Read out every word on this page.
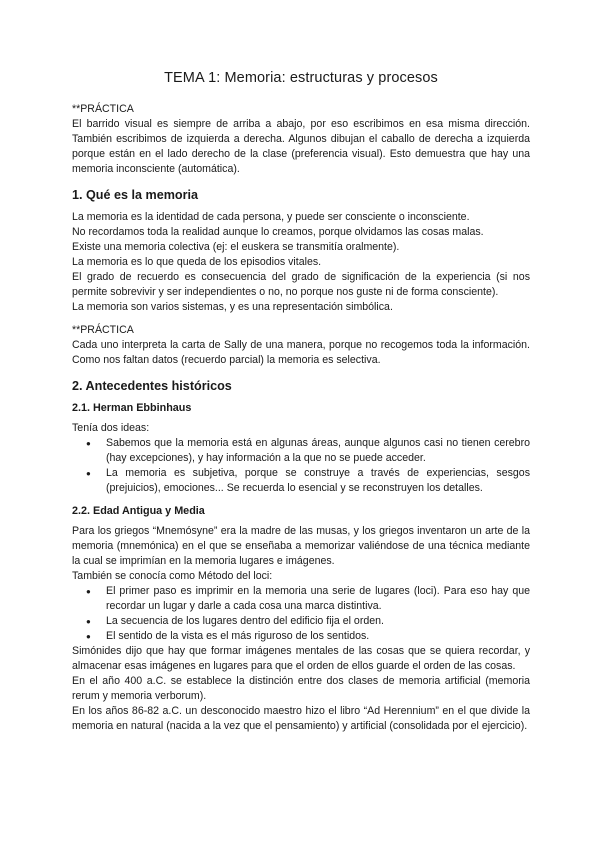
TEMA 1: Memoria: estructuras y procesos

**PRÁCTICA

El barrido visual es siempre de arriba a abajo, por eso escribimos en esa misma dirección. También escribimos de izquierda a derecha. Algunos dibujan el caballo de derecha a izquierda porque están en el lado derecho de la clase (preferencia visual). Esto demuestra que hay una memoria inconsciente (automática).

1. Qué es la memoria

La memoria es la identidad de cada persona, y puede ser consciente o inconsciente.

No recordamos toda la realidad aunque lo creamos, porque olvidamos las cosas malas.

Existe una memoria colectiva (ej: el euskera se transmitía oralmente).

La memoria es lo que queda de los episodios vitales.

El grado de recuerdo es consecuencia del grado de significación de la experiencia (si nos permite sobrevivir y ser independientes o no, no porque nos guste ni de forma consciente).

La memoria son varios sistemas, y es una representación simbólica.

**PRÁCTICA

Cada uno interpreta la carta de Sally de una manera, porque no recogemos toda la información. Como nos faltan datos (recuerdo parcial) la memoria es selectiva.

2. Antecedentes históricos
2.1. Herman Ebbinhaus

Tenía dos ideas:

● Sabemos que la memoria está en algunas áreas, aunque algunos casi no tienen cerebro (hay excepciones), y hay información a la que no se puede acceder.
● La memoria es subjetiva, porque se construye a través de experiencias, sesgos (prejuicios), emociones... Se recuerda lo esencial y se reconstruyen los detalles.
2.2. Edad Antigua y Media

Para los griegos “Mnemósyne” era la madre de las musas, y los griegos inventaron un arte de la memoria (mnemónica) en el que se enseñaba a memorizar valiéndose de una técnica mediante la cual se imprimían en la memoria lugares e imágenes.

También se conocía como Método del loci:

● El primer paso es imprimir en la memoria una serie de lugares (loci). Para eso hay que recordar un lugar y darle a cada cosa una marca distintiva.
● La secuencia de los lugares dentro del edificio fija el orden.
● El sentido de la vista es el más riguroso de los sentidos.

Simónides dijo que hay que formar imágenes mentales de las cosas que se quiera recordar, y almacenar esas imágenes en lugares para que el orden de ellos guarde el orden de las cosas.

En el año 400 a.C. se establece la distinción entre dos clases de memoria artificial (memoria rerum y memoria verborum).

En los años 86-82 a.C. un desconocido maestro hizo el libro “Ad Herennium” en el que divide la memoria en natural (nacida a la vez que el pensamiento) y artificial (consolidada por el ejercicio).
